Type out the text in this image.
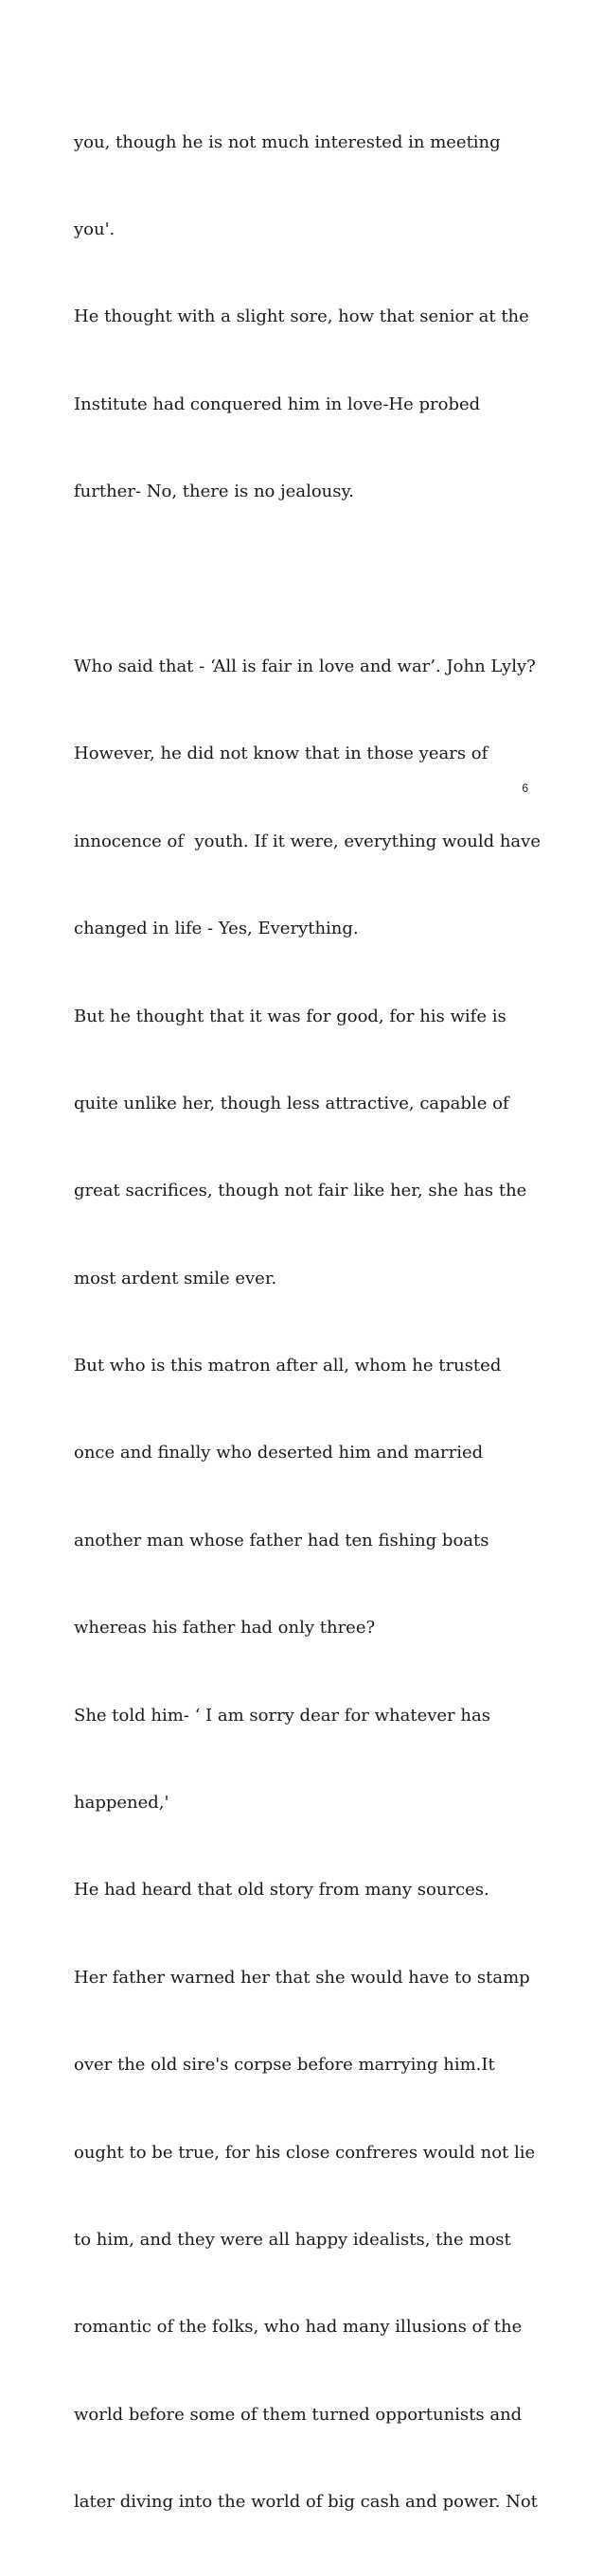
you, though he is not much interested in meeting

you'.

He thought with a slight sore, how that senior at the

Institute had conquered him in love-He probed

further- No, there is no jealousy.

Who said that - ‘All is fair in love and war’. John Lyly?

However, he did not know that in those years of

innocence of  youth. If it were, everything would have

changed in life - Yes, Everything.

But he thought that it was for good, for his wife is

quite unlike her, though less attractive, capable of

great sacrifices, though not fair like her, she has the

most ardent smile ever.

But who is this matron after all, whom he trusted

once and finally who deserted him and married

another man whose father had ten fishing boats

whereas his father had only three?

She told him- ‘ I am sorry dear for whatever has

happened,'

He had heard that old story from many sources.

Her father warned her that she would have to stamp

over the old sire's corpse before marrying him.It

ought to be true, for his close confreres would not lie

to him, and they were all happy idealists, the most

romantic of the folks, who had many illusions of the

world before some of them turned opportunists and

later diving into the world of big cash and power. Not

6
